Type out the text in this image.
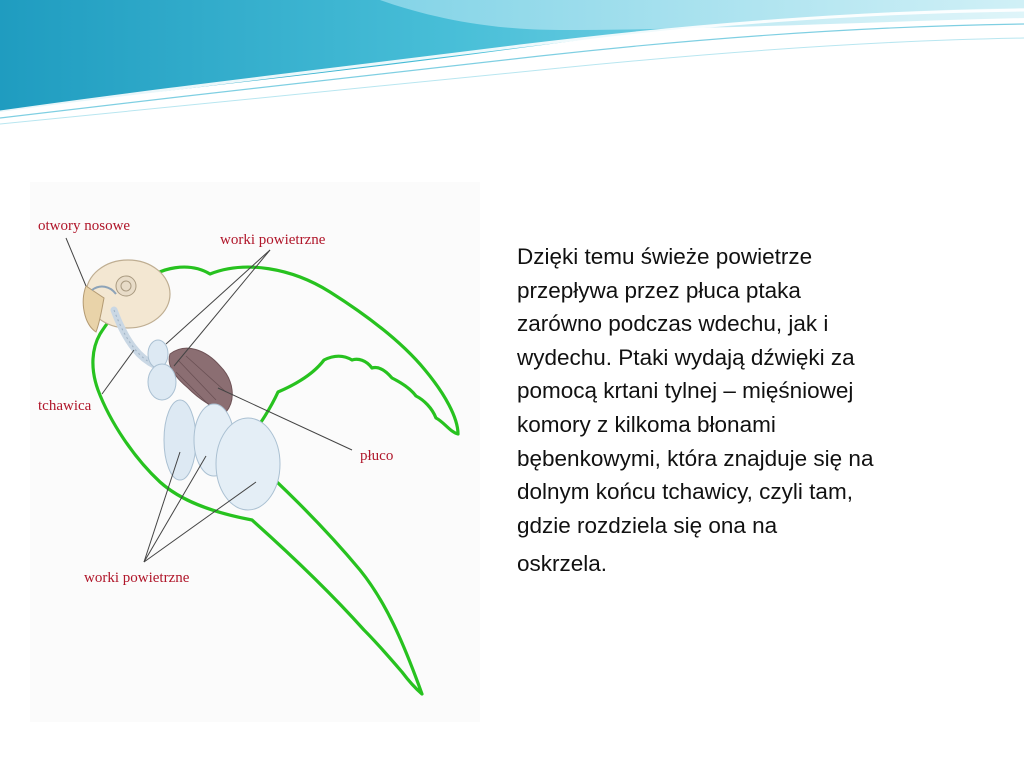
otwory nosowe
worki powietrzne
tchawica
płuco
worki powietrzne

Dzięki temu świeże powietrze
przepływa przez płuca ptaka
zarówno podczas wdechu, jak i
wydechu. Ptaki wydają dźwięki za
pomocą krtani tylnej – mięśniowej
komory z kilkoma błonami
bębenkowymi, która znajduje się na
dolnym końcu tchawicy, czyli tam,
gdzie rozdziela się ona na
oskrzela.
